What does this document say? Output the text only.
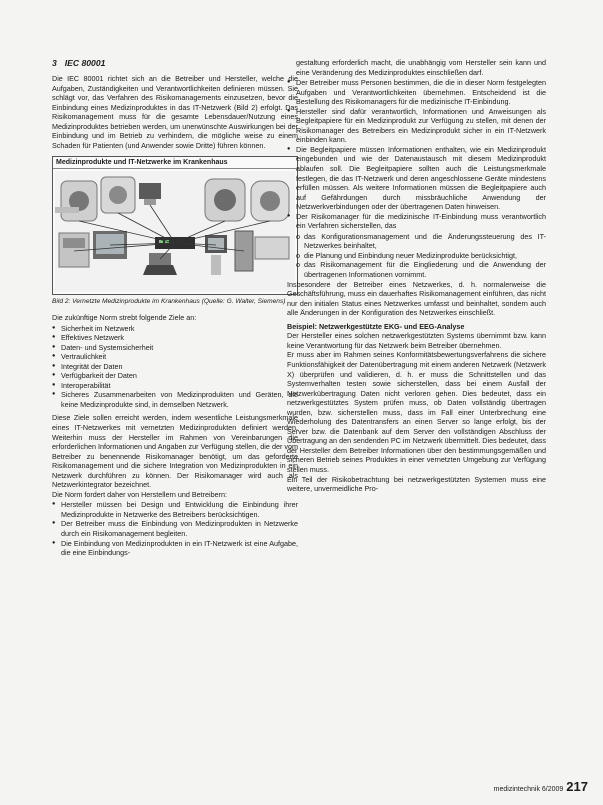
3 IEC 80001

Die IEC 80001 richtet sich an die Betreiber und Hersteller, welche die Aufgaben, Zuständigkeiten und Verantwortlichkeiten definieren müssen. Sie schlägt vor, das Verfahren des Risikomanagements einzusetzen, bevor die Einbindung eines Medizinproduktes in das IT-Netzwerk (Bild 2) erfolgt. Das Risikomanagement muss für die gesamte Lebensdauer/Nutzung eines Medizinproduktes betrieben werden, um unerwünschte Auswirkungen bei der Einbindung und im Betrieb zu verhindern, die mögliche weise zu einem Schaden für Patienten (und Anwender sowie Dritte) führen können.

Medizinprodukte und IT-Netzwerke im Krankenhaus
Bild 2: Vernetzte Medizinprodukte im Krankenhaus (Quelle: G. Walter, Siemens)

Die zukünftige Norm strebt folgende Ziele an:

● Sicherheit im Netzwerk
● Effektives Netzwerk
● Daten- und Systemsicherheit
● Vertraulichkeit
● Integrität der Daten
● Verfügbarkeit der Daten
● Interoperabilität
● Sicheres Zusammenarbeiten von Medizinprodukten und Geräten, die keine Medizinprodukte sind, in demselben Netzwerk.

Diese Ziele sollen erreicht werden, indem wesentliche Leistungsmerkmale eines IT-Netzwerkes mit vernetzten Medizinprodukten definiert werden. Weiterhin muss der Hersteller im Rahmen von Vereinbarungen die erforderlichen Informationen und Angaben zur Verfügung stellen, die der vom Betreiber zu benennende Risikomanager benötigt, um das geforderte Risikomanagement und die sichere Integration von Medizinprodukten in ein Netzwerk durchführen zu können. Der Risikomanager wird auch als Netzwerkintegrator bezeichnet.

Die Norm fordert daher von Herstellern und Betreibern:

● Hersteller müssen bei Design und Entwicklung die Einbindung ihrer Medizinprodukte in Netzwerke des Betreibers berücksichtigen.
● Der Betreiber muss die Einbindung von Medizinprodukten in Netzwerke durch ein Risikomanagement begleiten.
● Die Einbindung von Medizinprodukten in ein IT-Netzwerk ist eine Aufgabe, die eine Einbindungs-

gestaltung erforderlich macht, die unabhängig vom Hersteller sein kann und eine Veränderung des Medizinproduktes einschließen darf.

● Der Betreiber muss Personen bestimmen, die die in dieser Norm festgelegten Aufgaben und Verantwortlichkeiten übernehmen. Entscheidend ist die Bestellung des Risikomanagers für die medizinische IT-Einbindung.
● Hersteller sind dafür verantwortlich, Informationen und Anweisungen als Begleitpapiere für ein Medizinprodukt zur Verfügung zu stellen, mit denen der Risikomanager des Betreibers ein Medizinprodukt sicher in ein IT-Netzwerk einbinden kann.
● Die Begleitpapiere müssen Informationen enthalten, wie ein Medizinprodukt eingebunden und wie der Datenaustausch mit diesem Medizinprodukt ablaufen soll. Die Begleitpapiere sollten auch die Leistungsmerkmale festlegen, die das IT-Netzwerk und deren angeschlossene Geräte mindestens erfüllen müssen. Als weitere Informationen müssen die Begleitpapiere auch auf Gefährdungen durch missbräuchliche Anwendung der Netzwerkverbindungen oder der übertragenen Daten hinweisen.
● Der Risikomanager für die medizinische IT-Einbindung muss verantwortlich ein Verfahren sicherstellen, das
o das Konfigurationsmanagement und die Änderungssteuerung des IT-Netzwerkes beinhaltet,
o die Planung und Einbindung neuer Medizinprodukte berücksichtigt,
o das Risikomanagement für die Eingliederung und die Anwendung der übertragenen Informationen vornimmt.

Insbesondere der Betreiber eines Netzwerkes, d. h. normalerweise die Geschäftsführung, muss ein dauerhaftes Risikomanagement einführen, das nicht nur den initialen Status eines Netzwerkes umfasst und beinhaltet, sondern auch alle Änderungen in der Konfiguration des Netzwerkes einschließt.

Beispiel: Netzwerkgestützte EKG- und EEG-Analyse

Der Hersteller eines solchen netzwerkgestützten Systems übernimmt bzw. kann keine Verantwortung für das Netzwerk beim Betreiber übernehmen.

Er muss aber im Rahmen seines Konformitätsbewertungsverfahrens die sichere Funktionsfähigkeit der Datenübertragung mit einem anderen Netzwerk (Netzwerk X) überprüfen und validieren, d. h. er muss die Schnittstellen und das Systemverhalten testen sowie sicherstellen, dass bei einem Ausfall der Netzwerkübertragung Daten nicht verloren gehen. Dies bedeutet, dass ein netzwerkgestütztes System prüfen muss, ob Daten vollständig übertragen wurden, bzw. sicherstellen muss, dass im Fall einer Unterbrechung eine Wiederholung des Datentransfers an einen Server so lange erfolgt, bis der Server bzw. die Datenbank auf dem Server den vollständigen Abschluss der Übertragung an den sendenden PC im Netzwerk übermittelt. Dies bedeutet, dass der Hersteller dem Betreiber Informationen über den bestimmungsgemäßen und sicheren Betrieb seines Produktes in einer vernetzten Umgebung zur Verfügung stellen muss.

Ein Teil der Risikobetrachtung bei netzwerkgestützten Systemen muss eine weitere, unvermeidliche Pro-

medizintechnik 6/2009 217
